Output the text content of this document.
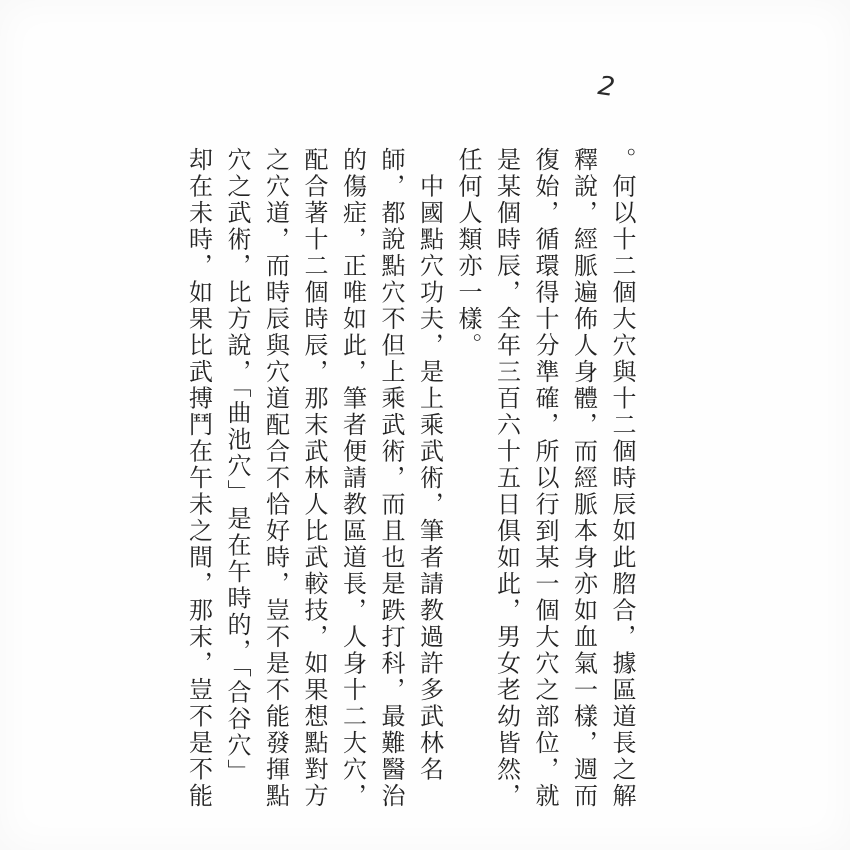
2
。何以十二個大穴與十二個時辰如此脗合，據區道長之解
釋說，經脈遍佈人身體，而經脈本身亦如血氣一樣，週而
復始，循環得十分準確，所以行到某一個大穴之部位，就
是某個時辰，全年三百六十五日俱如此，男女老幼皆然，
任何人類亦一樣。
　中國點穴功夫，是上乘武術，筆者請教過許多武林名
師，都說點穴不但上乘武術，而且也是跌打科，最難醫治
的傷症，正唯如此，筆者便請教區道長，人身十二大穴，
配合著十二個時辰，那末武林人比武較技，如果想點對方
之穴道，而時辰與穴道配合不恰好時，豈不是不能發揮點
穴之武術，比方說，「曲池穴」是在午時的，「合谷穴」
却在未時，如果比武搏鬥在午未之間，那末，豈不是不能
